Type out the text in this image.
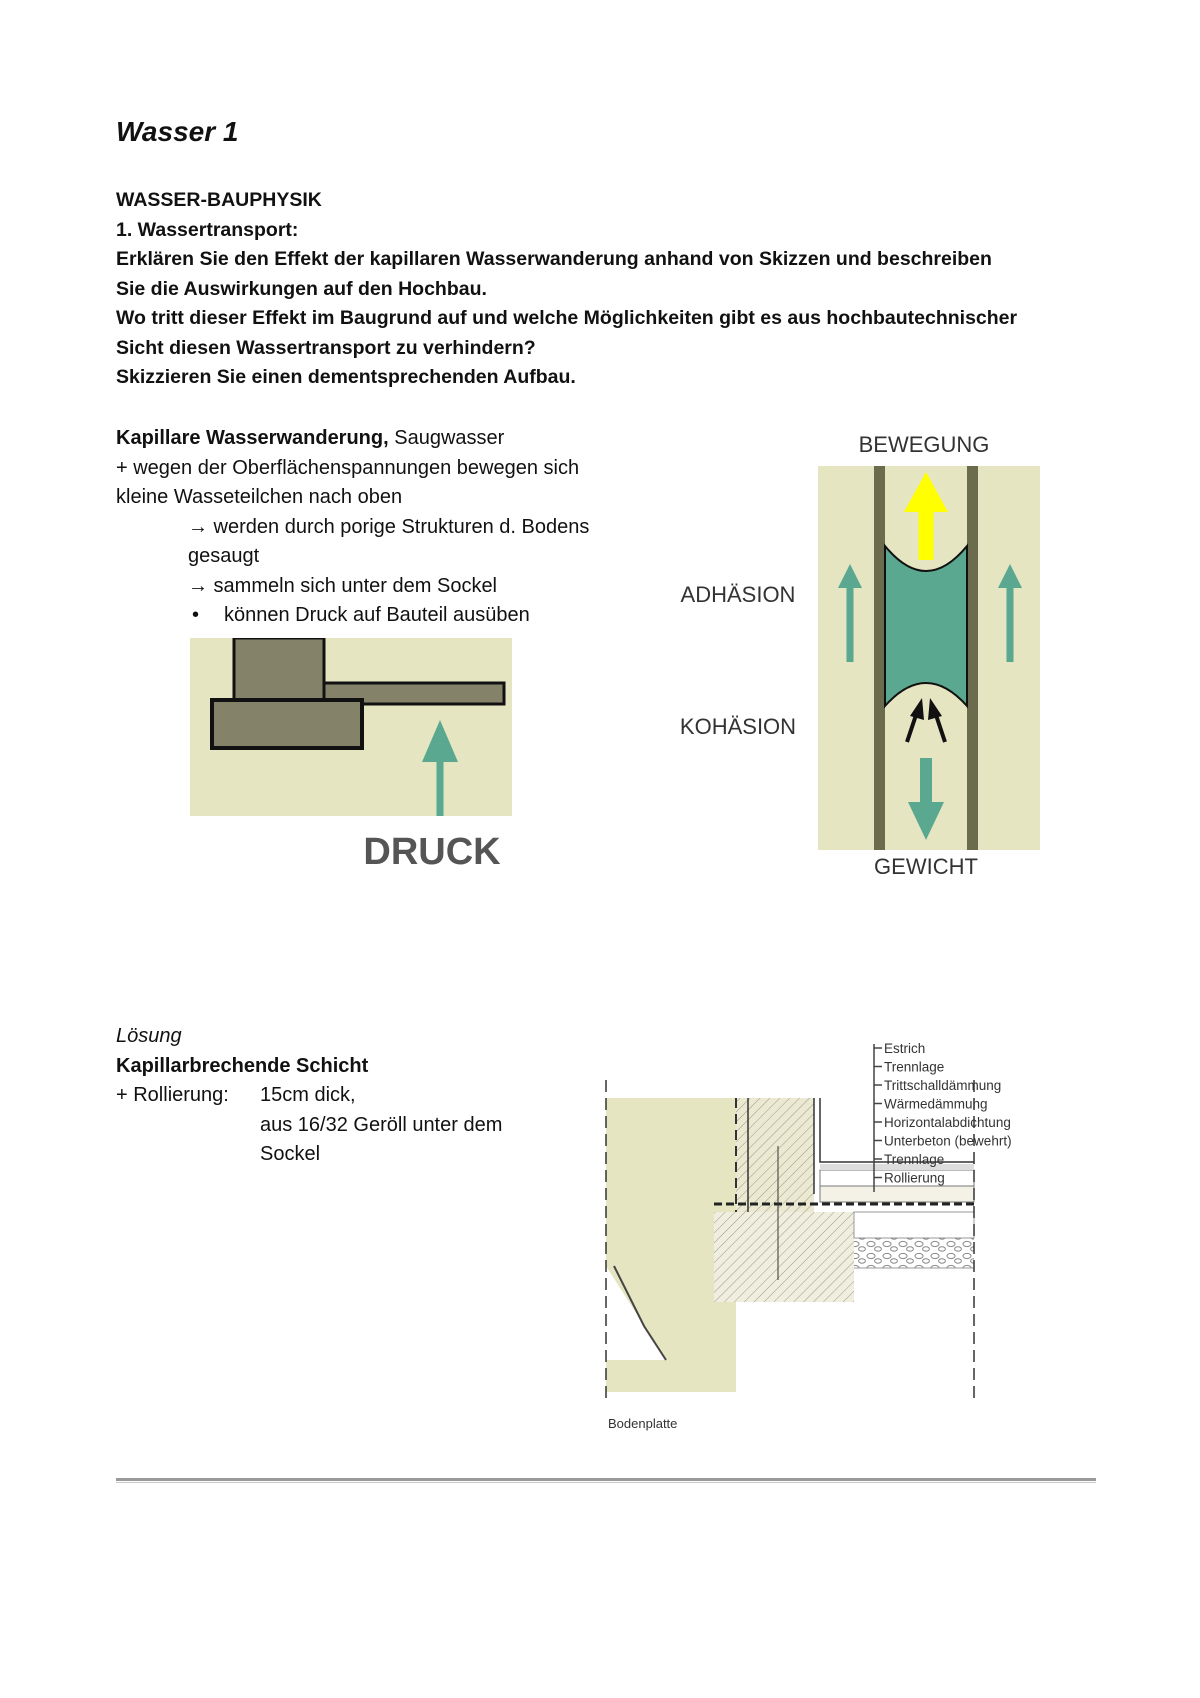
Wasser 1
WASSER-BAUPHYSIK
1. Wassertransport:
Erklären Sie den Effekt der kapillaren Wasserwanderung anhand von Skizzen und beschreiben
Sie die Auswirkungen auf den Hochbau.
Wo tritt dieser Effekt im Baugrund auf und welche Möglichkeiten gibt es aus hochbautechnischer
Sicht diesen Wassertransport zu verhindern?
Skizzieren Sie einen dementsprechenden Aufbau.
Kapillare Wasserwanderung, Saugwasser
+ wegen der Oberflächenspannungen bewegen sich
kleine Wasseteilchen nach oben
→ werden durch porige Strukturen d. Bodens
gesaugt
→ sammeln sich unter dem Sockel
• können Druck auf Bauteil ausüben
DRUCK
BEWEGUNG
ADHÄSION
KOHÄSION
GEWICHT
Lösung
Kapillarbrechende Schicht
+ Rollierung:	15cm dick,
aus 16/32 Geröll unter dem
Sockel
Estrich
Trennlage
Trittschalldämmung
Wärmedämmung
Horizontalabdichtung
Unterbeton (bewehrt)
Trennlage
Rollierung
Bodenplatte
